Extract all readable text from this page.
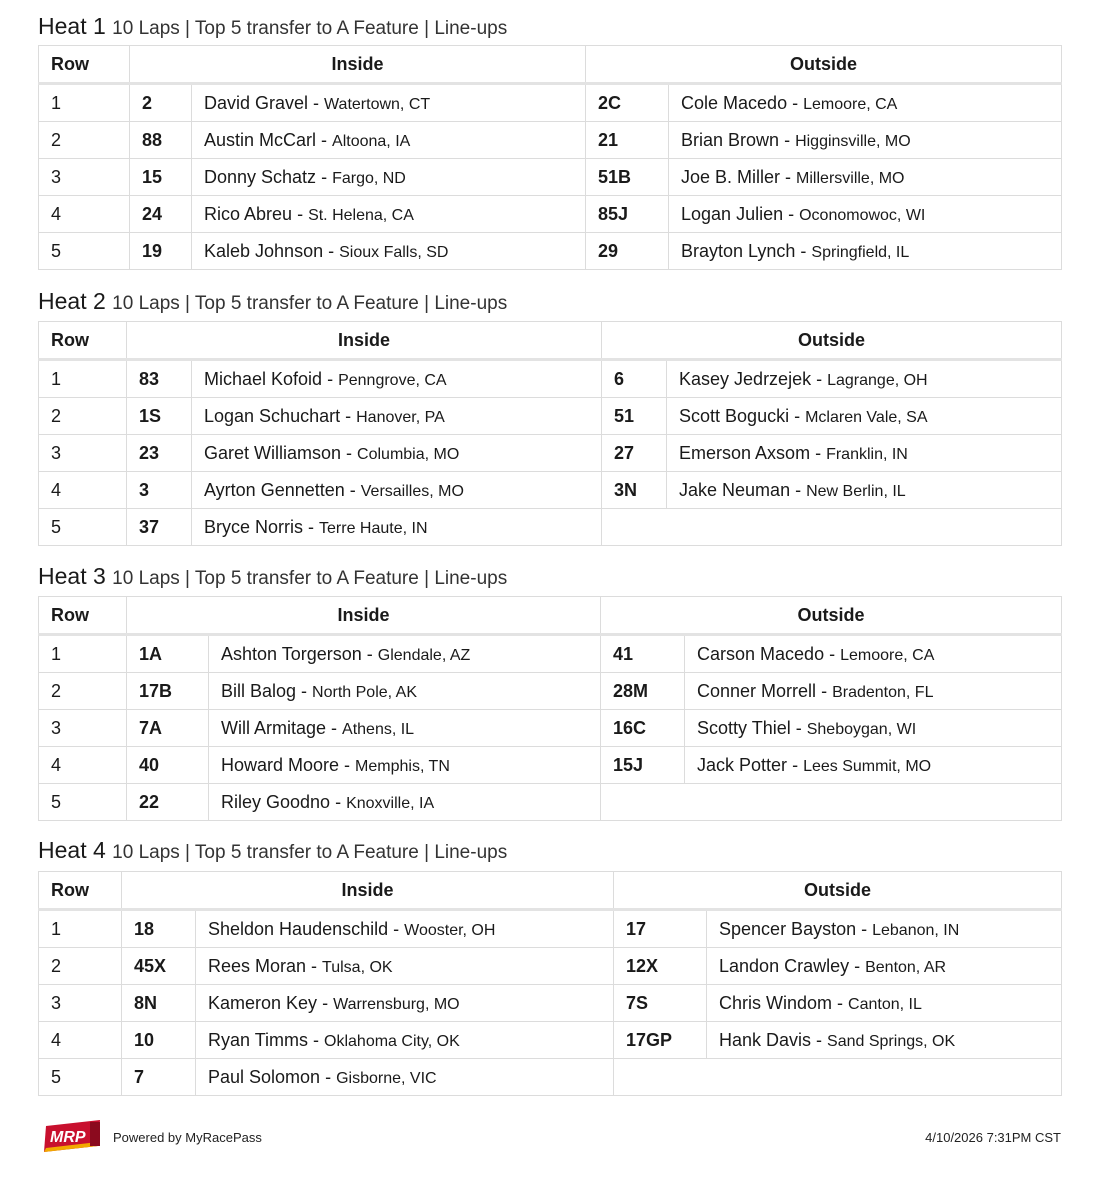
Heat 1 10 Laps | Top 5 transfer to A Feature | Line-ups
Row	Inside		Outside	
1	2	David Gravel - Watertown, CT	2C	Cole Macedo - Lemoore, CA
2	88	Austin McCarl - Altoona, IA	21	Brian Brown - Higginsville, MO
3	15	Donny Schatz - Fargo, ND	51B	Joe B. Miller - Millersville, MO
4	24	Rico Abreu - St. Helena, CA	85J	Logan Julien - Oconomowoc, WI
5	19	Kaleb Johnson - Sioux Falls, SD	29	Brayton Lynch - Springfield, IL
Heat 2 10 Laps | Top 5 transfer to A Feature | Line-ups
Row	Inside		Outside	
1	83	Michael Kofoid - Penngrove, CA	6	Kasey Jedrzejek - Lagrange, OH
2	1S	Logan Schuchart - Hanover, PA	51	Scott Bogucki - Mclaren Vale, SA
3	23	Garet Williamson - Columbia, MO	27	Emerson Axsom - Franklin, IN
4	3	Ayrton Gennetten - Versailles, MO	3N	Jake Neuman - New Berlin, IL
5	37	Bryce Norris - Terre Haute, IN		
Heat 3 10 Laps | Top 5 transfer to A Feature | Line-ups
Row	Inside		Outside	
1	1A	Ashton Torgerson - Glendale, AZ	41	Carson Macedo - Lemoore, CA
2	17B	Bill Balog - North Pole, AK	28M	Conner Morrell - Bradenton, FL
3	7A	Will Armitage - Athens, IL	16C	Scotty Thiel - Sheboygan, WI
4	40	Howard Moore - Memphis, TN	15J	Jack Potter - Lees Summit, MO
5	22	Riley Goodno - Knoxville, IA		
Heat 4 10 Laps | Top 5 transfer to A Feature | Line-ups
Row	Inside		Outside	
1	18	Sheldon Haudenschild - Wooster, OH	17	Spencer Bayston - Lebanon, IN
2	45X	Rees Moran - Tulsa, OK	12X	Landon Crawley - Benton, AR
3	8N	Kameron Key - Warrensburg, MO	7S	Chris Windom - Canton, IL
4	10	Ryan Timms - Oklahoma City, OK	17GP	Hank Davis - Sand Springs, OK
5	7	Paul Solomon - Gisborne, VIC		
MRP Powered by MyRacePass	4/10/2026 7:31PM CST
